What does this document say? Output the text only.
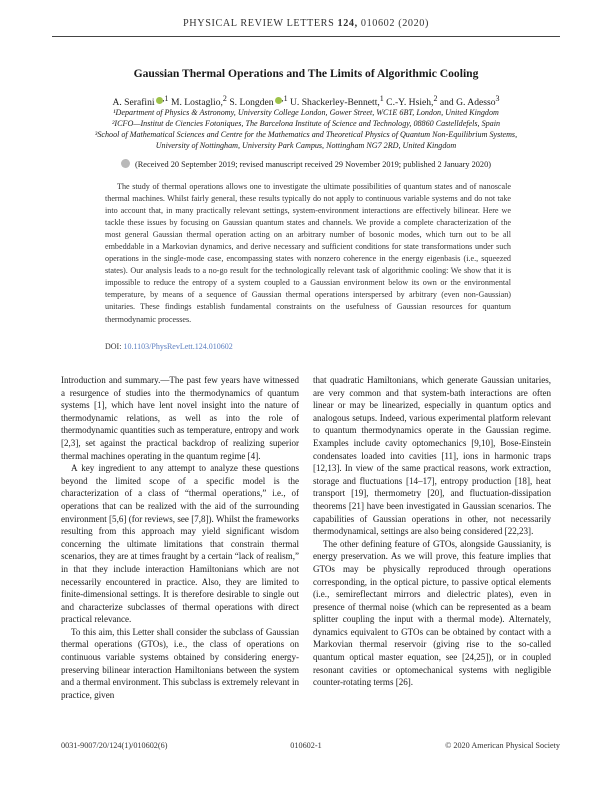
PHYSICAL REVIEW LETTERS 124, 010602 (2020)
Gaussian Thermal Operations and The Limits of Algorithmic Cooling
A. Serafini $^{,1}$ M. Lostaglio,$^2$ S. Longden $^{,1}$ U. Shackerley-Bennett,$^1$ C.-Y. Hsieh,$^2$ and G. Adesso$^3$
¹Department of Physics & Astronomy, University College London, Gower Street, WC1E 6BT, London, United Kingdom
²ICFO—Institut de Ciencies Fotoniques, The Barcelona Institute of Science and Technology, 08860 Castelldefels, Spain
³School of Mathematical Sciences and Centre for the Mathematics and Theoretical Physics of Quantum Non-Equilibrium Systems,
University of Nottingham, University Park Campus, Nottingham NG7 2RD, United Kingdom
(Received 20 September 2019; revised manuscript received 29 November 2019; published 2 January 2020)
The study of thermal operations allows one to investigate the ultimate possibilities of quantum states and of nanoscale thermal machines. Whilst fairly general, these results typically do not apply to continuous variable systems and do not take into account that, in many practically relevant settings, system-environment interactions are effectively bilinear. Here we tackle these issues by focusing on Gaussian quantum states and channels. We provide a complete characterization of the most general Gaussian thermal operation acting on an arbitrary number of bosonic modes, which turn out to be all embeddable in a Markovian dynamics, and derive necessary and sufficient conditions for state transformations under such operations in the single-mode case, encompassing states with nonzero coherence in the energy eigenbasis (i.e., squeezed states). Our analysis leads to a no-go result for the technologically relevant task of algorithmic cooling: We show that it is impossible to reduce the entropy of a system coupled to a Gaussian environment below its own or the environmental temperature, by means of a sequence of Gaussian thermal operations interspersed by arbitrary (even non-Gaussian) unitaries. These findings establish fundamental constraints on the usefulness of Gaussian resources for quantum thermodynamic processes.
DOI: 10.1103/PhysRevLett.124.010602

Introduction and summary.—The past few years have witnessed a resurgence of studies into the thermodynamics of quantum systems [1], which have lent novel insight into the nature of thermodynamic relations, as well as into the role of thermodynamic quantities such as temperature, entropy and work [2,3], set against the practical backdrop of realizing superior thermal machines operating in the quantum regime [4].

A key ingredient to any attempt to analyze these questions beyond the limited scope of a specific model is the characterization of a class of “thermal operations,” i.e., of operations that can be realized with the aid of the surrounding environment [5,6] (for reviews, see [7,8]). Whilst the frameworks resulting from this approach may yield significant wisdom concerning the ultimate limitations that constrain thermal scenarios, they are at times fraught by a certain “lack of realism,” in that they include interaction Hamiltonians which are not necessarily encountered in practice. Also, they are limited to finite-dimensional settings. It is therefore desirable to single out and characterize subclasses of thermal operations with direct practical relevance.

To this aim, this Letter shall consider the subclass of Gaussian thermal operations (GTOs), i.e., the class of operations on continuous variable systems obtained by considering energy-preserving bilinear interaction Hamiltonians between the system and a thermal environment. This subclass is extremely relevant in practice, given

that quadratic Hamiltonians, which generate Gaussian unitaries, are very common and that system-bath interactions are often linear or may be linearized, especially in quantum optics and analogous setups. Indeed, various experimental platform relevant to quantum thermodynamics operate in the Gaussian regime. Examples include cavity optomechanics [9,10], Bose-Einstein condensates loaded into cavities [11], ions in harmonic traps [12,13]. In view of the same practical reasons, work extraction, storage and fluctuations [14–17], entropy production [18], heat transport [19], thermometry [20], and fluctuation-dissipation theorems [21] have been investigated in Gaussian scenarios. The capabilities of Gaussian operations in other, not necessarily thermodynamical, settings are also being considered [22,23].

The other defining feature of GTOs, alongside Gaussianity, is energy preservation. As we will prove, this feature implies that GTOs may be physically reproduced through operations corresponding, in the optical picture, to passive optical elements (i.e., semireflectant mirrors and dielectric plates), even in presence of thermal noise (which can be represented as a beam splitter coupling the input with a thermal mode). Alternately, dynamics equivalent to GTOs can be obtained by contact with a Markovian thermal reservoir (giving rise to the so-called quantum optical master equation, see [24,25]), or in coupled resonant cavities or optomechanical systems with negligible counter-rotating terms [26].

0031-9007/20/124(1)/010602(6)	010602-1	© 2020 American Physical Society
